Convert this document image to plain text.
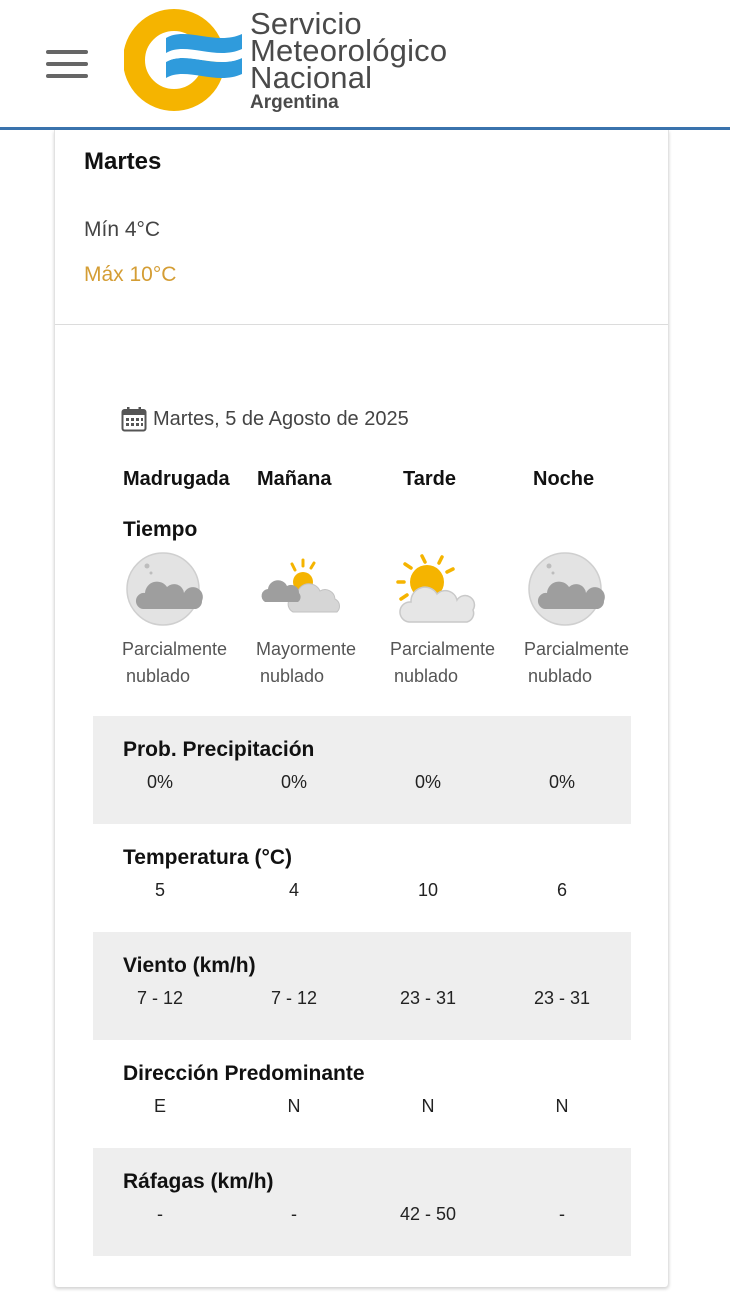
Servicio
Meteorológico
Nacional
Argentina
Martes
Mín 4°C
Máx 10°C
Martes, 5 de Agosto de 2025
Madrugada Mañana	Tarde	Noche
Tiempo
Parcialmente
nublado
Mayormente
nublado
Parcialmente
nublado
Parcialmente
nublado
Prob. Precipitación
0%	0%	0%	0%
Temperatura (°C)
5	4	10	6
Viento (km/h)
7 - 12	7 - 12	23 - 31	23 - 31
Dirección Predominante
E	N	N	N
Ráfagas (km/h)
-	-	42 - 50	-
